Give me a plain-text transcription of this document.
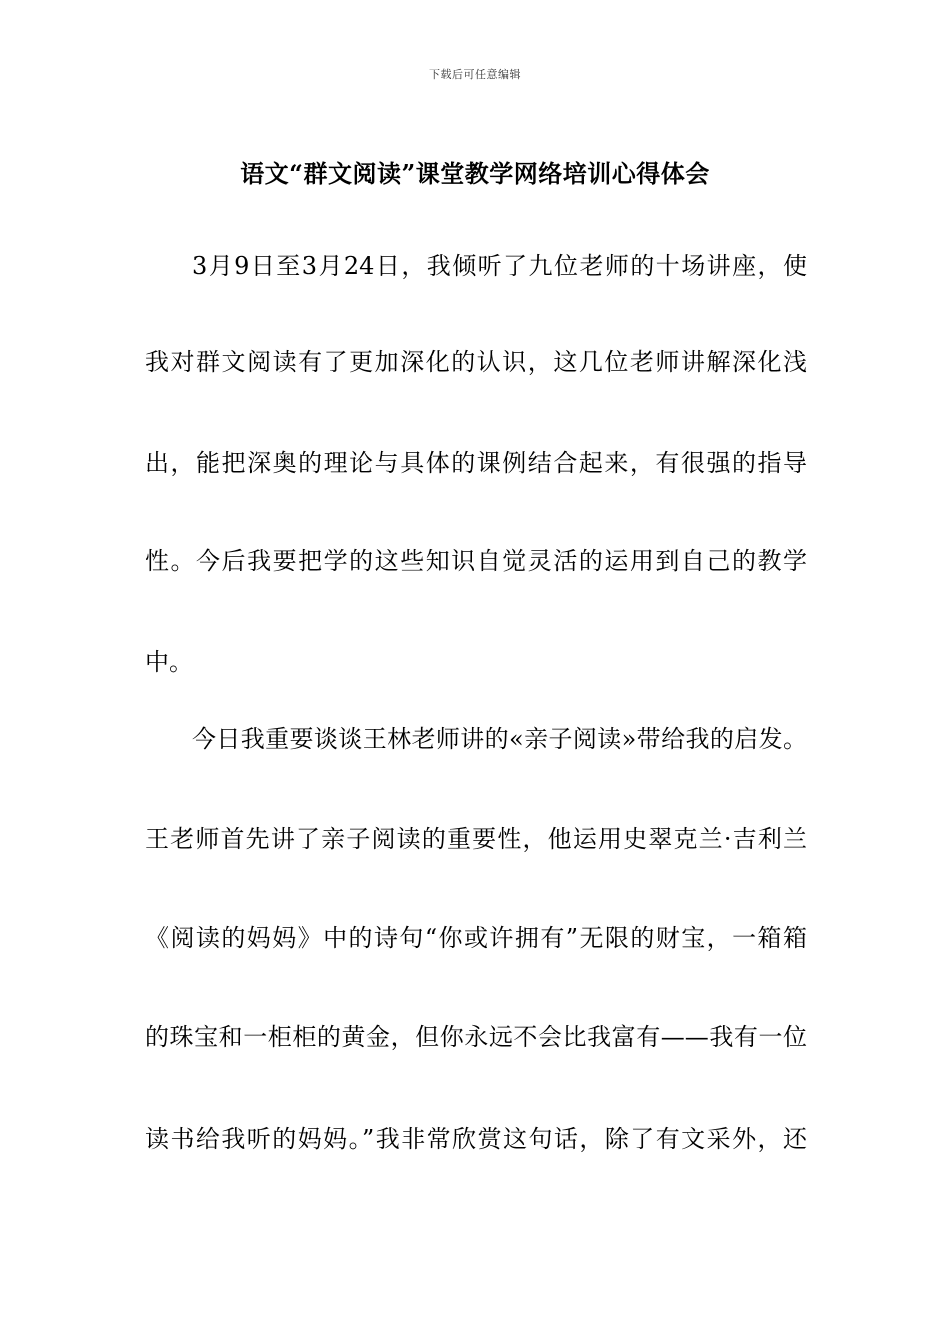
下载后可任意编辑
语文“群文阅读”课堂教学网络培训心得体会
3月9日至3月24日，我倾听了九位老师的十场讲座，使
我对群文阅读有了更加深化的认识，这几位老师讲解深化浅
出，能把深奥的理论与具体的课例结合起来，有很强的指导
性。今后我要把学的这些知识自觉灵活的运用到自己的教学
中。
今日我重要谈谈王林老师讲的«亲子阅读»带给我的启发。
王老师首先讲了亲子阅读的重要性，他运用史翠克兰·吉利兰
《阅读的妈妈》中的诗句“你或许拥有”无限的财宝，一箱箱
的珠宝和一柜柜的黄金，但你永远不会比我富有——我有一位
读书给我听的妈妈。”我非常欣赏这句话，除了有文采外，还
